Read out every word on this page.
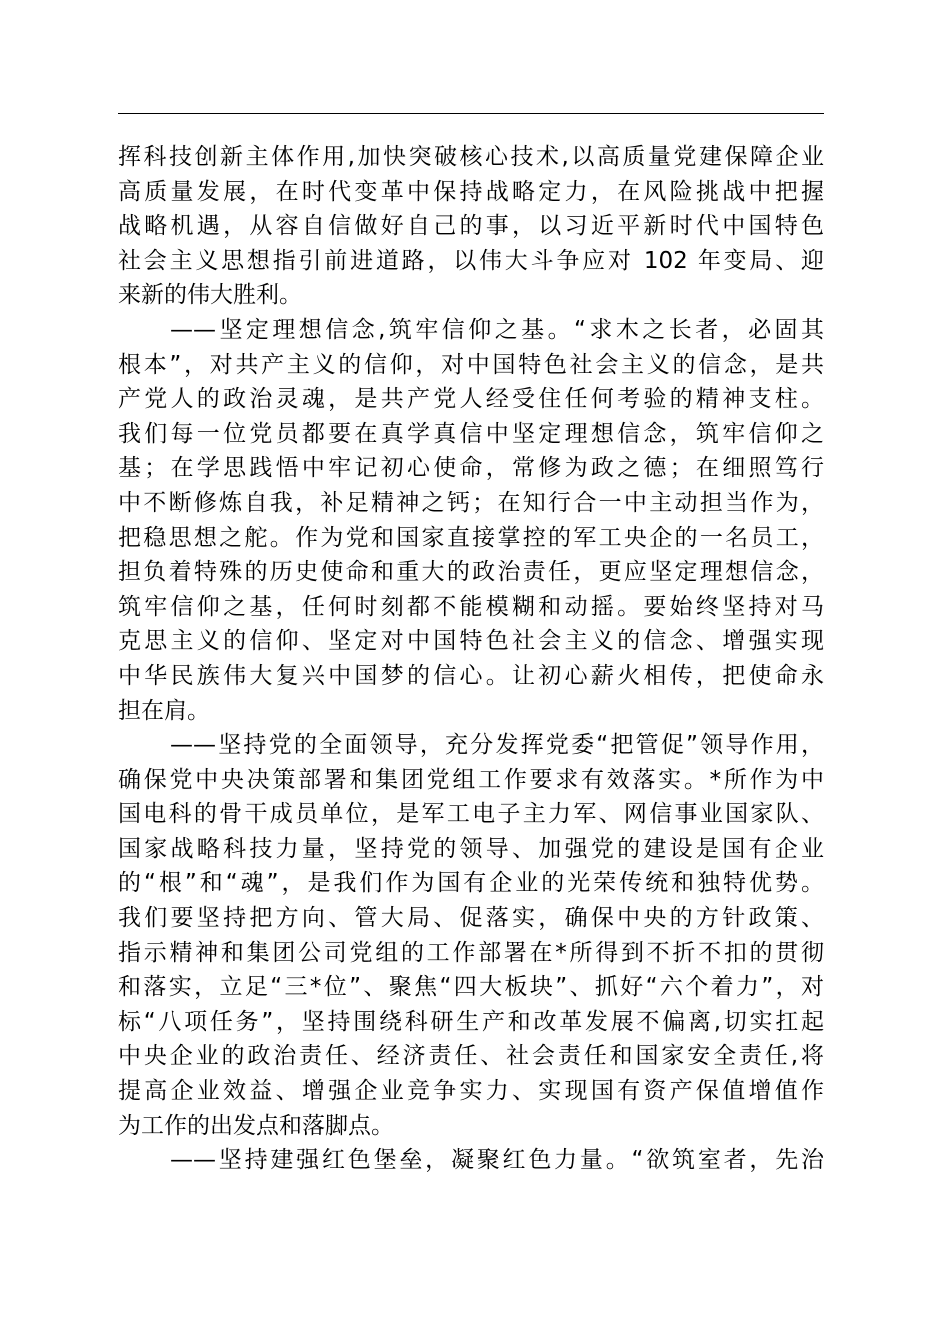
挥科技创新主体作用,加快突破核心技术,以高质量党建保障企业
高质量发展，在时代变革中保持战略定力，在风险挑战中把握
战略机遇，从容自信做好自己的事，以习近平新时代中国特色
社会主义思想指引前进道路，以伟大斗争应对 102 年变局、迎
来新的伟大胜利。
——坚定理想信念,筑牢信仰之基。“求木之长者，必固其
根本”，对共产主义的信仰，对中国特色社会主义的信念，是共
产党人的政治灵魂，是共产党人经受住任何考验的精神支柱。
我们每一位党员都要在真学真信中坚定理想信念，筑牢信仰之
基；在学思践悟中牢记初心使命，常修为政之德；在细照笃行
中不断修炼自我，补足精神之钙；在知行合一中主动担当作为，
把稳思想之舵。作为党和国家直接掌控的军工央企的一名员工，
担负着特殊的历史使命和重大的政治责任，更应坚定理想信念，
筑牢信仰之基，任何时刻都不能模糊和动摇。要始终坚持对马
克思主义的信仰、坚定对中国特色社会主义的信念、增强实现
中华民族伟大复兴中国梦的信心。让初心薪火相传，把使命永
担在肩。
——坚持党的全面领导，充分发挥党委“把管促”领导作用，
确保党中央决策部署和集团党组工作要求有效落实。*所作为中
国电科的骨干成员单位，是军工电子主力军、网信事业国家队、
国家战略科技力量，坚持党的领导、加强党的建设是国有企业
的“根”和“魂”，是我们作为国有企业的光荣传统和独特优势。
我们要坚持把方向、管大局、促落实，确保中央的方针政策、
指示精神和集团公司党组的工作部署在*所得到不折不扣的贯彻
和落实，立足“三*位”、聚焦“四大板块”、抓好“六个着力”，对
标“八项任务”，坚持围绕科研生产和改革发展不偏离,切实扛起
中央企业的政治责任、经济责任、社会责任和国家安全责任,将
提高企业效益、增强企业竞争实力、实现国有资产保值增值作
为工作的出发点和落脚点。
——坚持建强红色堡垒，凝聚红色力量。“欲筑室者，先治
